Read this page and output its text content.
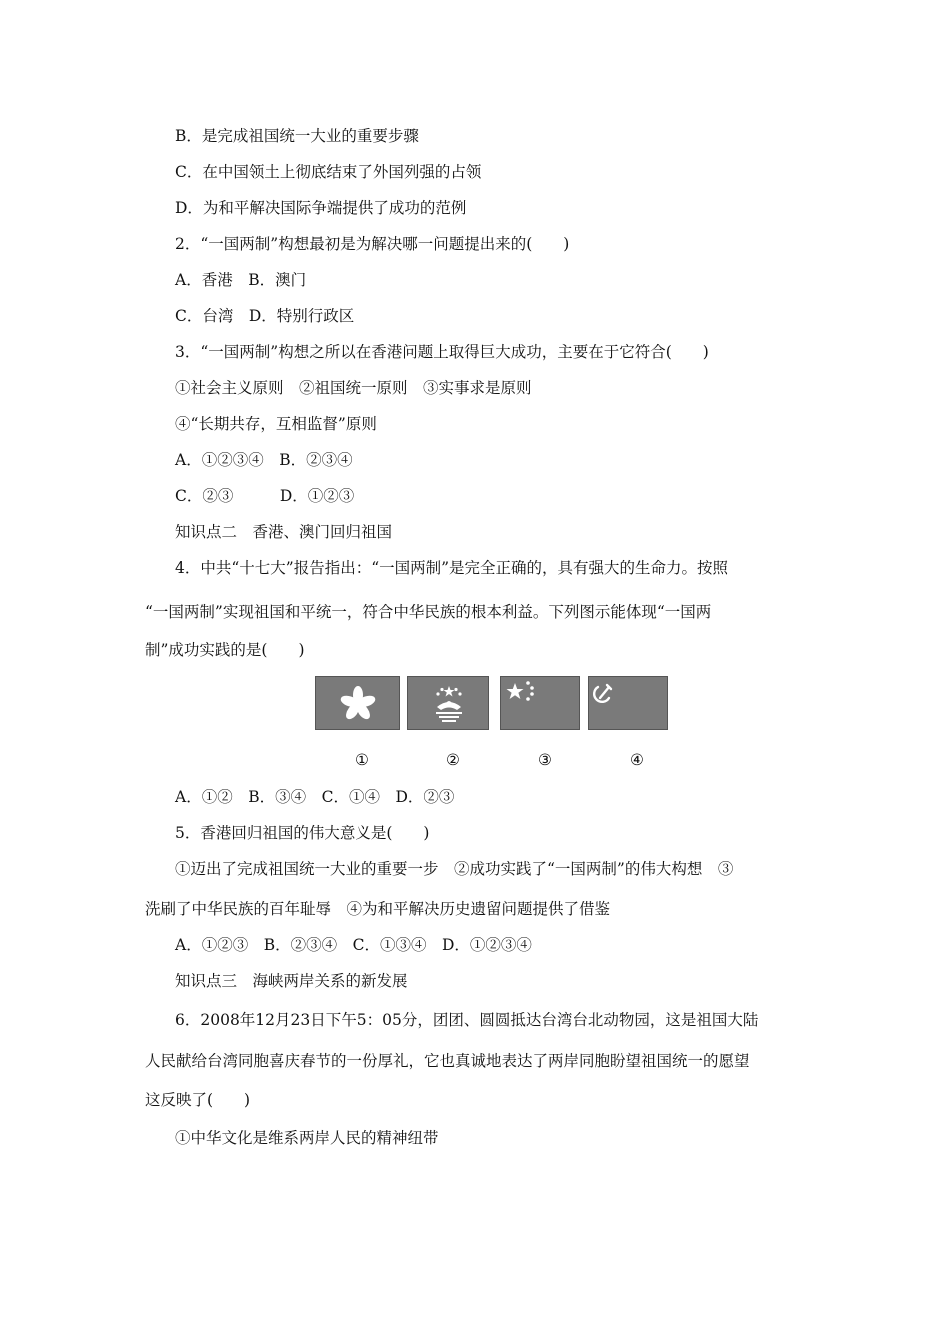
B．是完成祖国统一大业的重要步骤
C．在中国领土上彻底结束了外国列强的占领
D．为和平解决国际争端提供了成功的范例
2．“一国两制”构想最初是为解决哪一问题提出来的(　　)
A．香港　B．澳门
C．台湾　D．特别行政区
3．“一国两制”构想之所以在香港问题上取得巨大成功，主要在于它符合(　　)
①社会主义原则　②祖国统一原则　③实事求是原则
④“长期共存，互相监督”原则
A．①②③④　B．②③④
C．②③　　　D．①②③
知识点二　香港、澳门回归祖国
4．中共“十七大”报告指出：“一国两制”是完全正确的，具有强大的生命力。按照
“一国两制”实现祖国和平统一，符合中华民族的根本利益。下列图示能体现“一国两
制”成功实践的是(　　)
①	②	③	④
A．①②　B．③④　C．①④　D．②③
5．香港回归祖国的伟大意义是(　　)
①迈出了完成祖国统一大业的重要一步　②成功实践了“一国两制”的伟大构想　③
洗刷了中华民族的百年耻辱　④为和平解决历史遗留问题提供了借鉴
A．①②③　B．②③④　C．①③④　D．①②③④
知识点三　海峡两岸关系的新发展
6．2008年12月23日下午5：05分，团团、圆圆抵达台湾台北动物园，这是祖国大陆
人民献给台湾同胞喜庆春节的一份厚礼，它也真诚地表达了两岸同胞盼望祖国统一的愿望
这反映了(　　)
①中华文化是维系两岸人民的精神纽带
